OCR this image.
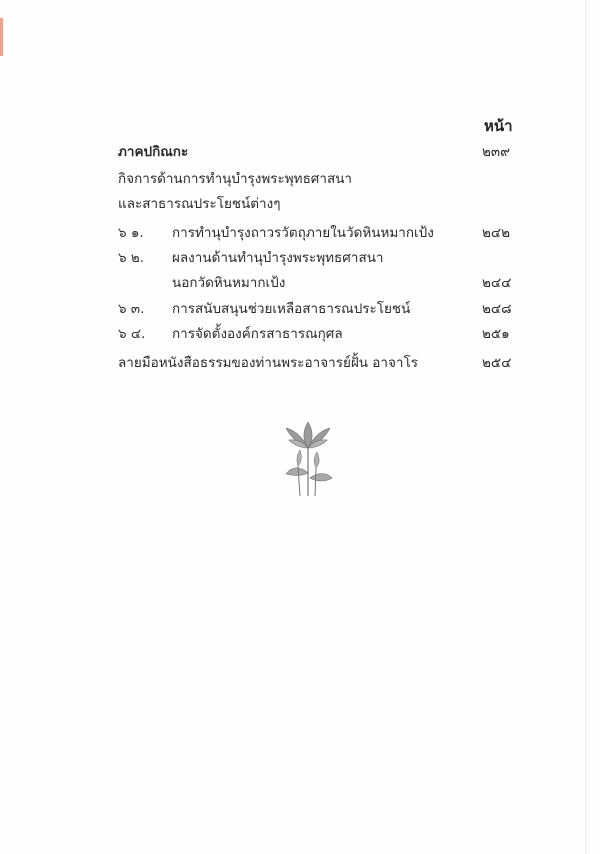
หน้า
ภาคปกิณกะ	๒๓๙
กิจการด้านการทำนุบำรุงพระพุทธศาสนา
และสาธารณประโยชน์ต่างๆ
๖ ๑. การทำนุบำรุงถาวรวัตถุภายในวัดหินหมากเป้ง	๒๔๒
๖ ๒. ผลงานด้านทำนุบำรุงพระพุทธศาสนา
นอกวัดหินหมากเป้ง	๒๔๔
๖ ๓. การสนับสนุนช่วยเหลือสาธารณประโยชน์	๒๔๘
๖ ๔. การจัดตั้งองค์กรสาธารณกุศล	๒๕๑
ลายมือหนังสือธรรมของท่านพระอาจารย์ฝั้น อาจาโร	๒๕๔
